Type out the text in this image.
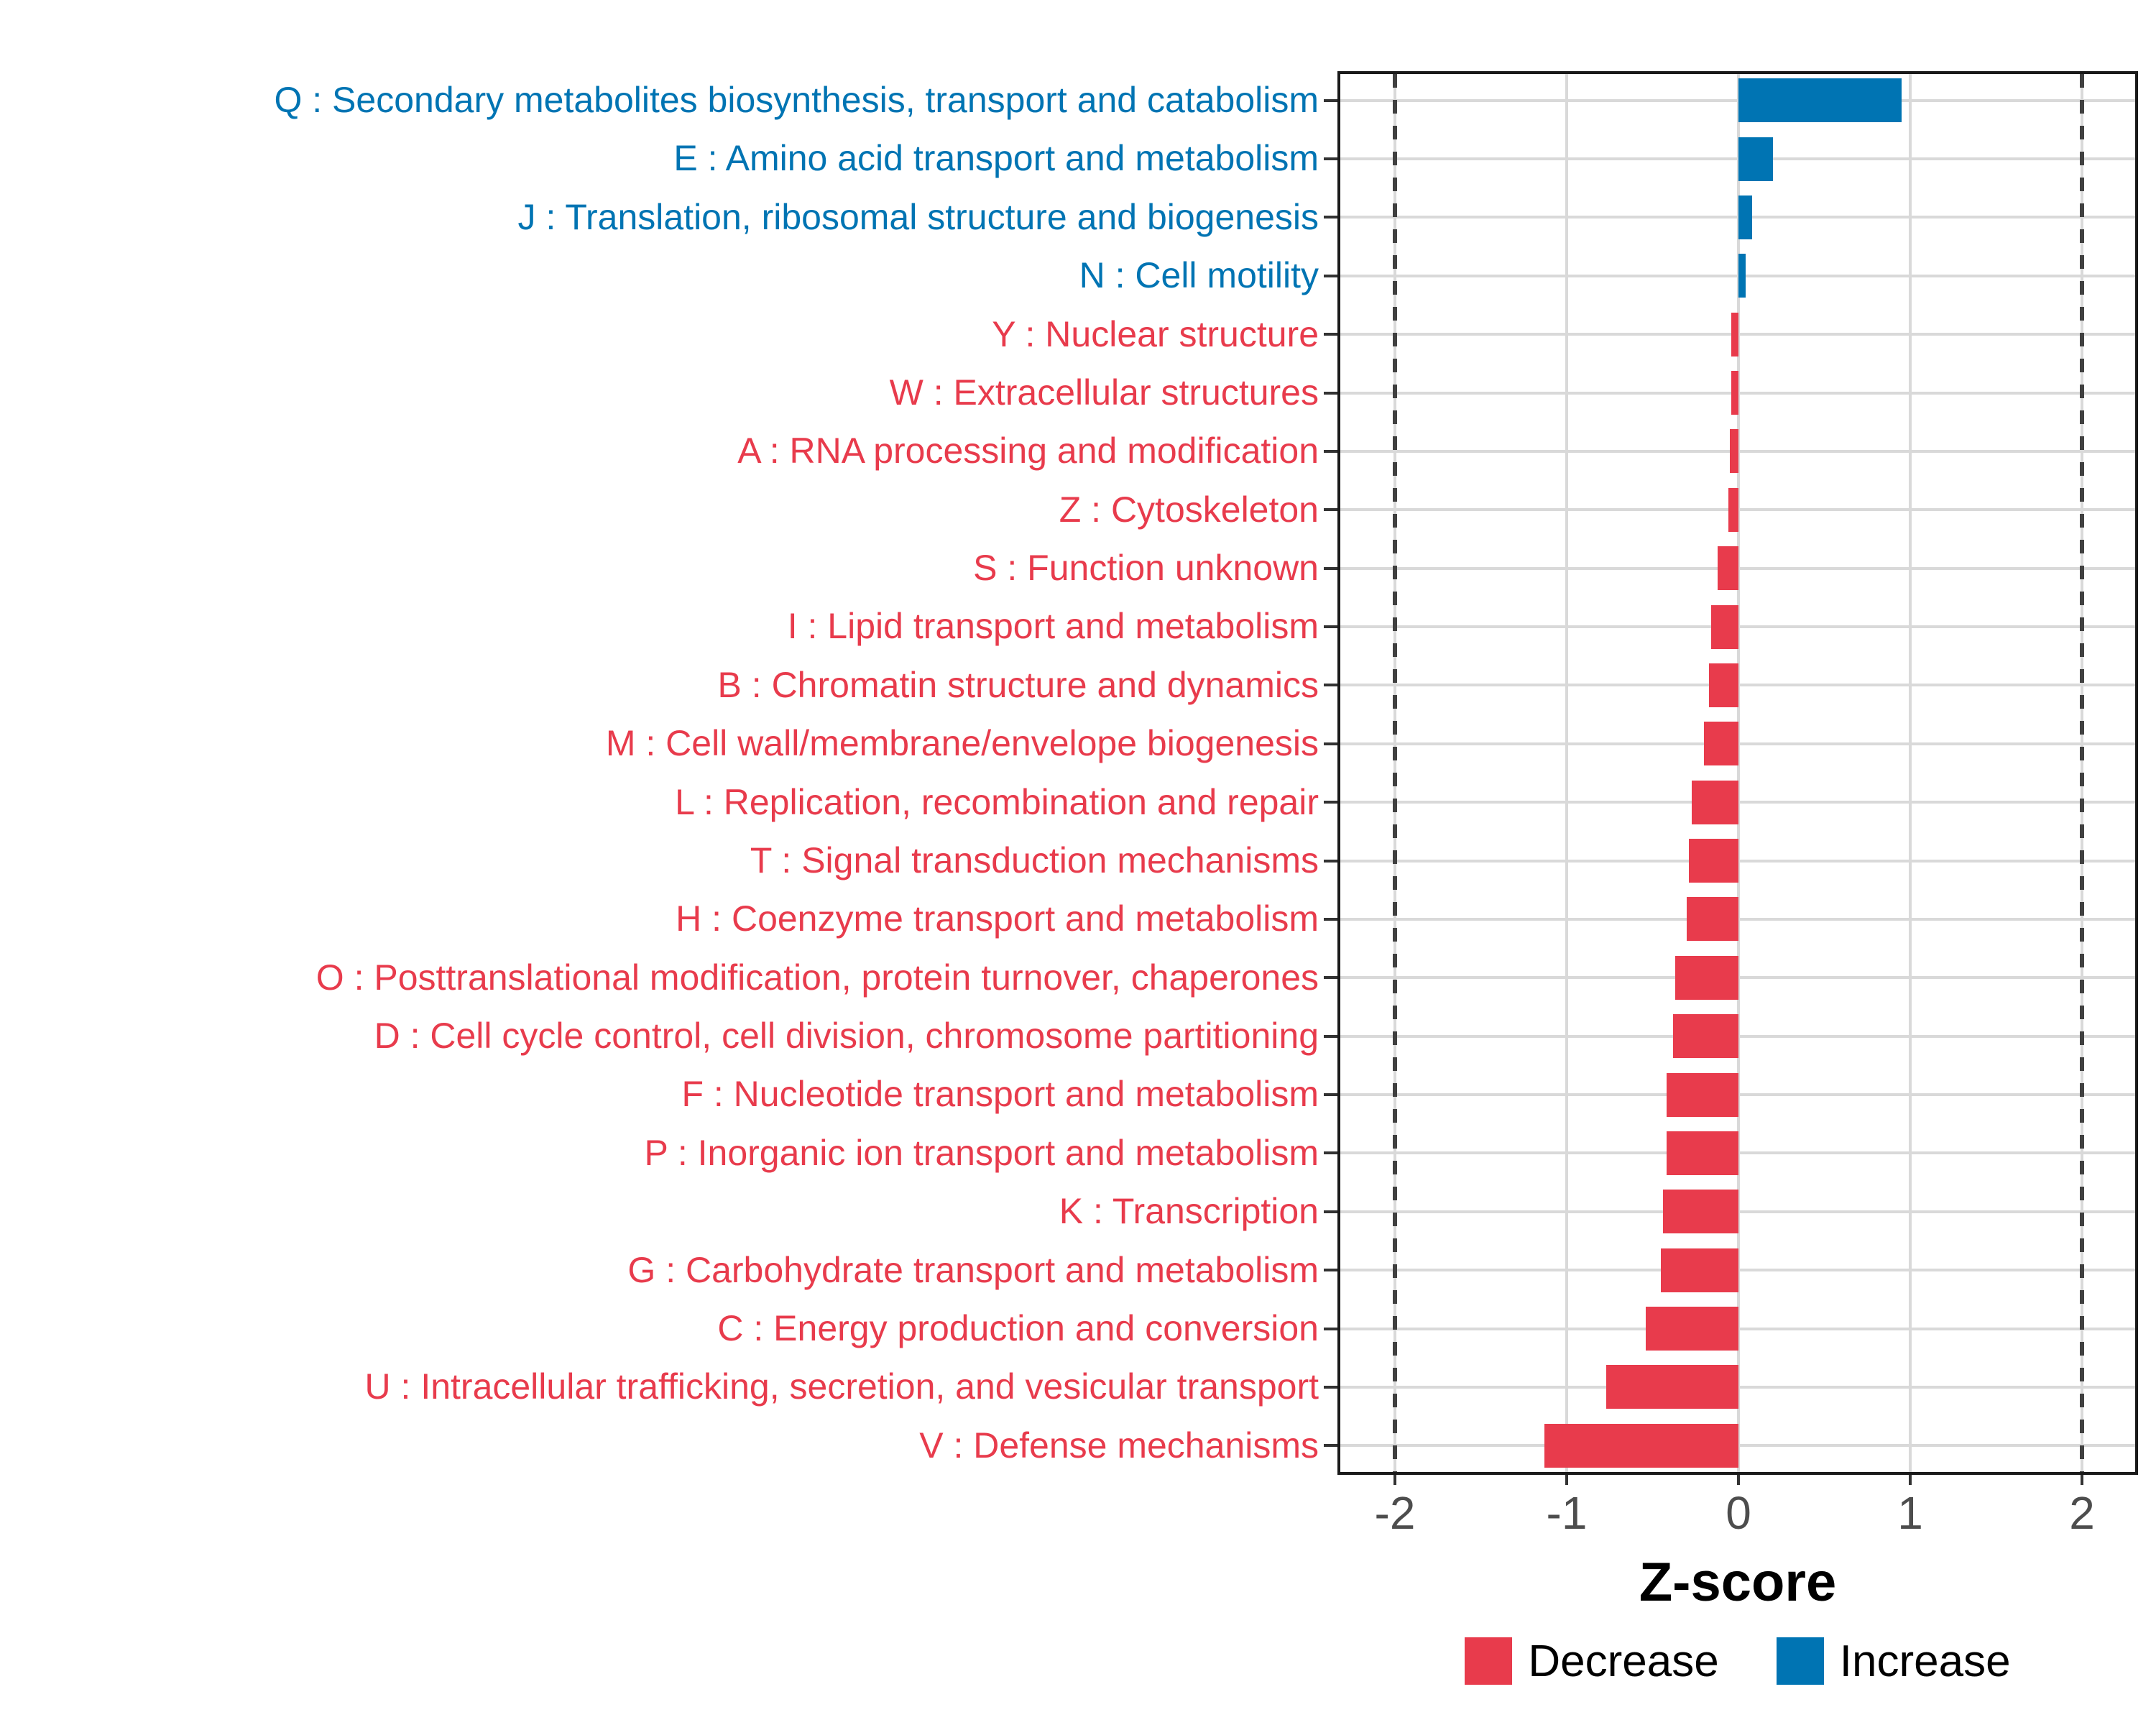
Q : Secondary metabolites biosynthesis, transport and catabolism
E : Amino acid transport and metabolism
J : Translation, ribosomal structure and biogenesis
N : Cell motility
Y : Nuclear structure
W : Extracellular structures
A : RNA processing and modification
Z : Cytoskeleton
S : Function unknown
I : Lipid transport and metabolism
B : Chromatin structure and dynamics
M : Cell wall/membrane/envelope biogenesis
L : Replication, recombination and repair
T : Signal transduction mechanisms
H : Coenzyme transport and metabolism
O : Posttranslational modification, protein turnover, chaperones
D : Cell cycle control, cell division, chromosome partitioning
F : Nucleotide transport and metabolism
P : Inorganic ion transport and metabolism
K : Transcription
G : Carbohydrate transport and metabolism
C : Energy production and conversion
U : Intracellular trafficking, secretion, and vesicular transport
V : Defense mechanisms
-2	-1	0	1	2
Z-score
Decrease	Increase
